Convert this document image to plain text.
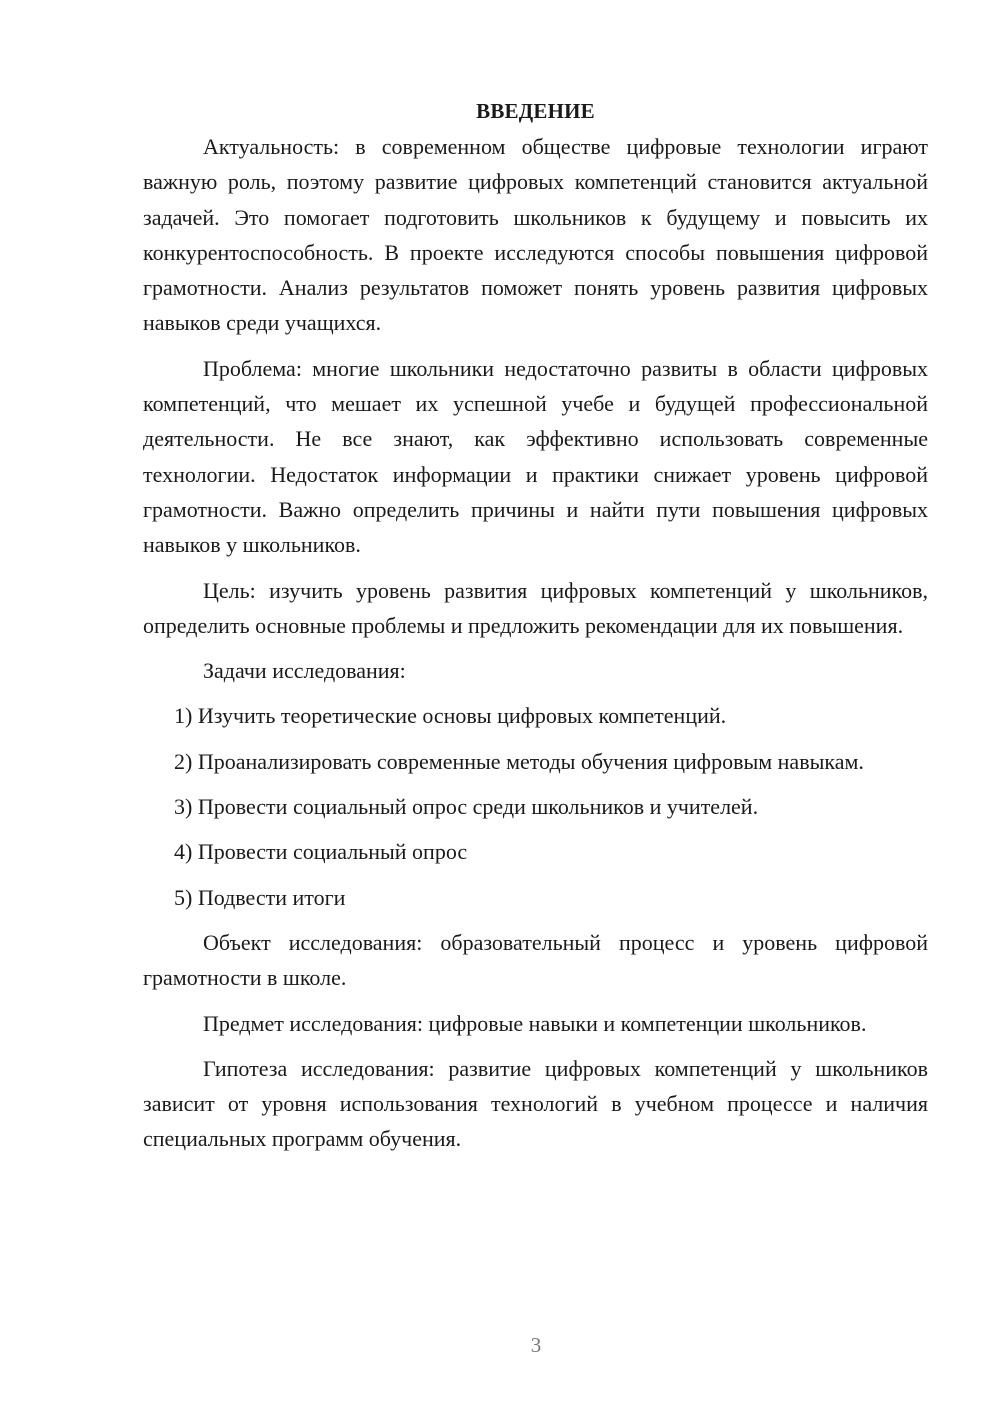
ВВЕДЕНИЕ

Актуальность: в современном обществе цифровые технологии играют важную роль, поэтому развитие цифровых компетенций становится актуальной задачей. Это помогает подготовить школьников к будущему и повысить их конкурентоспособность. В проекте исследуются способы повышения цифровой грамотности. Анализ результатов поможет понять уровень развития цифровых навыков среди учащихся.

Проблема: многие школьники недостаточно развиты в области цифровых компетенций, что мешает их успешной учебе и будущей профессиональной деятельности. Не все знают, как эффективно использовать современные технологии. Недостаток информации и практики снижает уровень цифровой грамотности. Важно определить причины и найти пути повышения цифровых навыков у школьников.

Цель: изучить уровень развития цифровых компетенций у школьников, определить основные проблемы и предложить рекомендации для их повышения.

Задачи исследования:

1) Изучить теоретические основы цифровых компетенций.

2) Проанализировать современные методы обучения цифровым навыкам.

3) Провести социальный опрос среди школьников и учителей.

4) Провести социальный опрос

5) Подвести итоги

Объект исследования: образовательный процесс и уровень цифровой грамотности в школе.

Предмет исследования: цифровые навыки и компетенции школьников.

Гипотеза исследования: развитие цифровых компетенций у школьников зависит от уровня использования технологий в учебном процессе и наличия специальных программ обучения.

3
